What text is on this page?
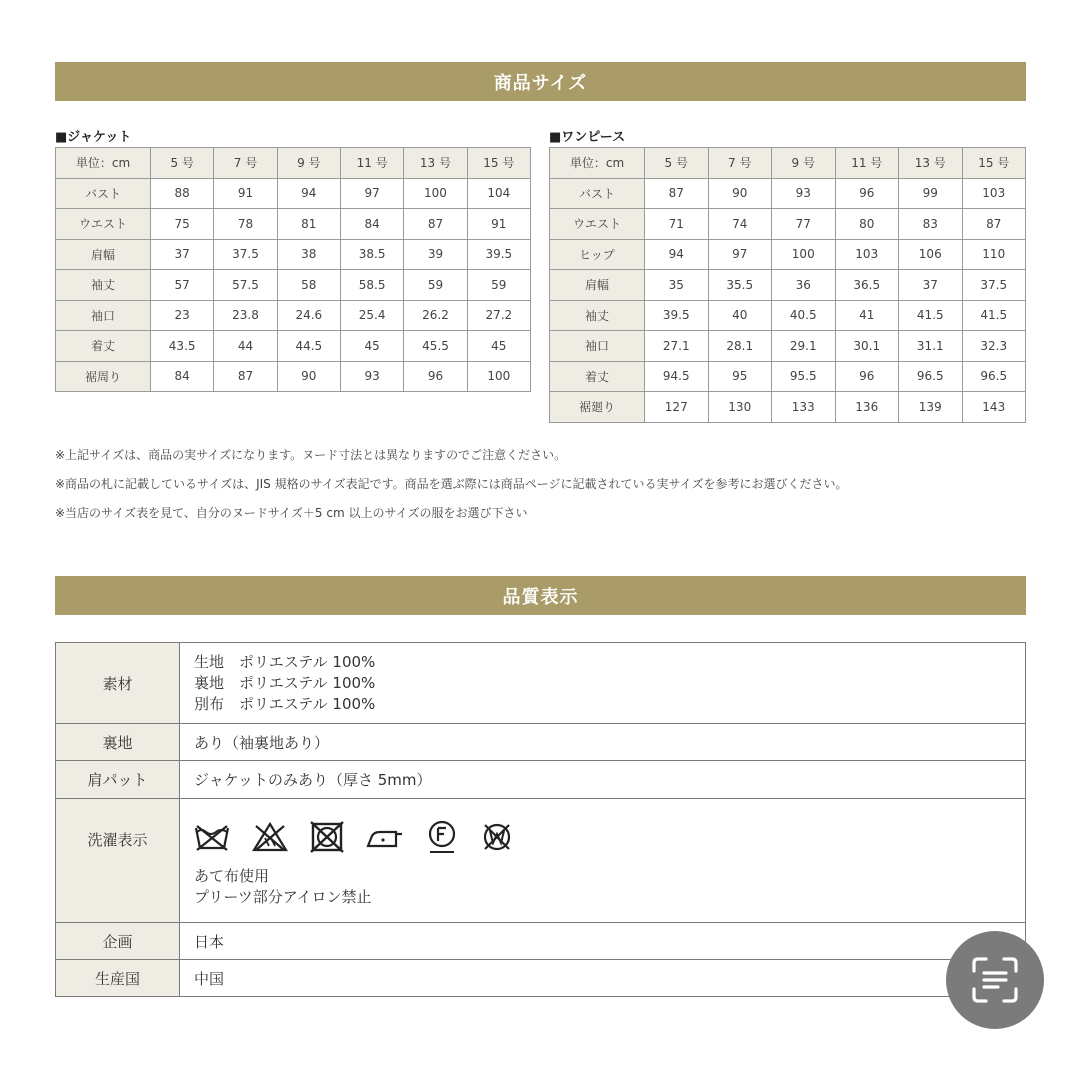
商品サイズ
■ジャケット	■ワンピース
単位：cm	5 号	7 号	9 号	11 号	13 号	15 号
バスト	88	91	94	97	100	104
ウエスト	75	78	81	84	87	91
肩幅	37	37.5	38	38.5	39	39.5
袖丈	57	57.5	58	58.5	59	59
袖口	23	23.8	24.6	25.4	26.2	27.2
着丈	43.5	44	44.5	45	45.5	45
裾周り	84	87	90	93	96	100
単位：cm	5 号	7 号	9 号	11 号	13 号	15 号
バスト	87	90	93	96	99	103
ウエスト	71	74	77	80	83	87
ヒップ	94	97	100	103	106	110
肩幅	35	35.5	36	36.5	37	37.5
袖丈	39.5	40	40.5	41	41.5	41.5
袖口	27.1	28.1	29.1	30.1	31.1	32.3
着丈	94.5	95	95.5	96	96.5	96.5
裾廻り	127	130	133	136	139	143
※上記サイズは、商品の実サイズになります。ヌード寸法とは異なりますのでご注意ください。
※商品の札に記載しているサイズは、JIS 規格のサイズ表記です。商品を選ぶ際には商品ページに記載されている実サイズを参考にお選びください。
※当店のサイズ表を見て、自分のヌードサイズ＋5 cm 以上のサイズの服をお選び下さい
品質表示
素材	生地　ポリエステル 100%
裏地　ポリエステル 100%
別布　ポリエステル 100%

裏地	あり（袖裏地あり）
肩パット	ジャケットのみあり（厚さ 5mm）
洗濯表示	あて布使用
プリーツ部分アイロン禁止

企画	日本
生産国	中国
